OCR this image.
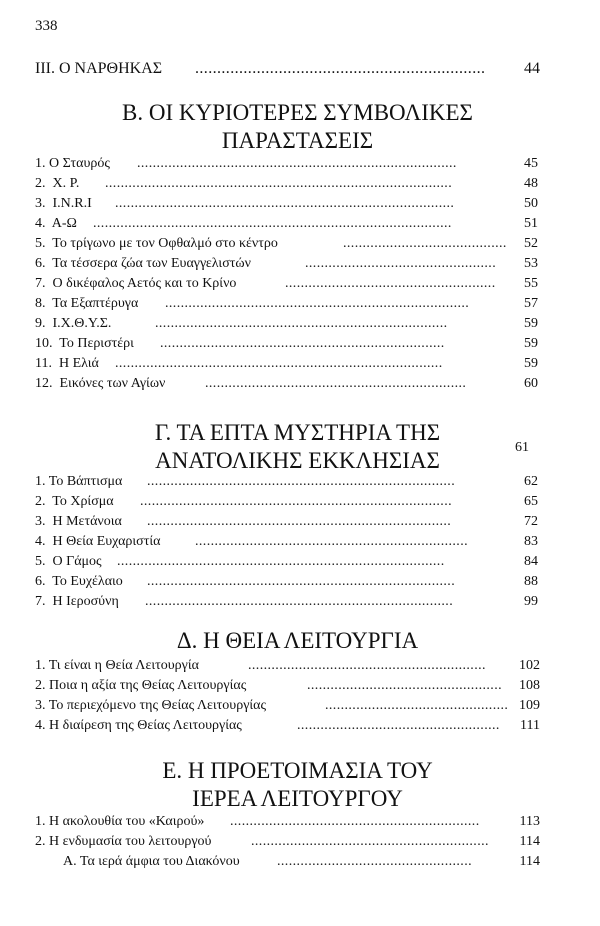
338
III. Ο ΝΑΡΘΗΚΑΣ .................................................................. 44
Β. ΟΙ ΚΥΡΙΟΤΕΡΕΣ ΣΥΜΒΟΛΙΚΕΣ
ΠΑΡΑΣΤΑΣΕΙΣ
1. Ο Σταυρός ..................................................................................	45
2.  Χ. Ρ. .........................................................................................	48
3.  I.N.R.I .......................................................................................	50
4.  Α-Ω ............................................................................................	51
5.  Το τρίγωνο με τον Οφθαλμό στο κέντρο	.......................................... 52
6.  Τα τέσσερα ζώα των Ευαγγελιστών	................................................. 53
7.  Ο δικέφαλος Αετός και το Κρίνο	...................................................... 55
8.  Τα Εξαπτέρυγα ..............................................................................	57
9.  Ι.Χ.Θ.Υ.Σ.	...........................................................................	59
10.  Το Περιστέρι .........................................................................	59
11.  Η Ελιά ....................................................................................	59
12.  Εικόνες των Αγίων	...................................................................	60
Γ. ΤΑ ΕΠΤΑ ΜΥΣΤΗΡΙΑ ΤΗΣ
ΑΝΑΤΟΛΙΚΗΣ ΕΚΚΛΗΣΙΑΣ
61
1. Το Βάπτισμα ...............................................................................	62
2.  Το Χρίσμα ................................................................................	65
3.  Η Μετάνοια ..............................................................................	72
4.  Η Θεία Ευχαριστία ......................................................................	83
5.  Ο Γάμος ....................................................................................	84
6.  Το Ευχέλαιο ...............................................................................	88
7.  Η Ιεροσύνη ...............................................................................	99
Δ. Η ΘΕΙΑ ΛΕΙΤΟΥΡΓΙΑ
1. Τι είναι η Θεία Λειτουργία	............................................................. 102
2. Ποια η αξία της Θείας Λειτουργίας	.................................................. 108
3. Το περιεχόμενο της Θείας Λειτουργίας	............................................... 109
4. Η διαίρεση της Θείας Λειτουργίας	.................................................... 111
Ε. Η ΠΡΟΕΤΟΙΜΑΣΙΑ ΤΟΥ
ΙΕΡΕΑ ΛΕΙΤΟΥΡΓΟΥ
1. Η ακολουθία του «Καιρού» ................................................................	113
2. Η ενδυμασία του λειτουργού	............................................................. 114
Α. Τα ιερά άμφια του Διακόνου	..................................................	114
